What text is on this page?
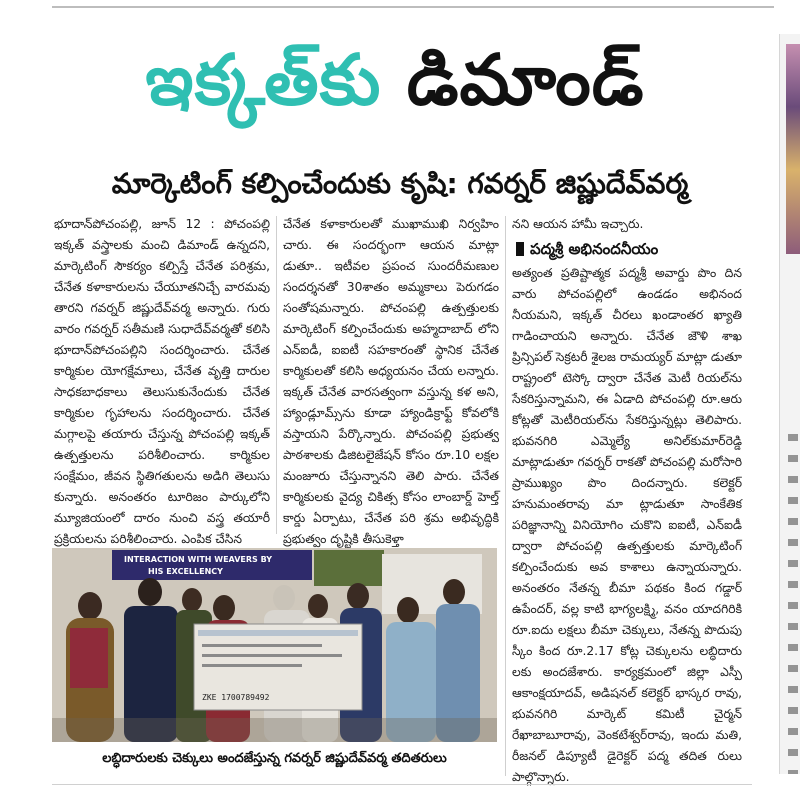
ఇక్కత్‌కు డిమాండ్
మార్కెటింగ్ కల్పించేందుకు కృషి: గవర్నర్ జిష్ణుదేవ్‌వర్మ

భూదాన్‌పోచంపల్లి, జూన్ 12 : పోచంపల్లి ఇక్కత్ వస్త్రాలకు మంచి డిమాండ్ ఉన్నదని, మార్కెటింగ్ సౌకర్యం కల్పిస్తే చేనేత పరిశ్రమ, చేనేత కళాకారులను చేయూతనిచ్చే వారమవు తారని గవర్నర్ జిష్ణుదేవ్‌వర్మ అన్నారు. గురు వారం గవర్నర్ సతీమణి సుధాదేవ్‌వర్మతో కలిసి భూదాన్‌పోచంపల్లిని సందర్శించారు. చేనేత కార్మికుల యోగక్షేమాలు, చేనేత వృత్తి దారుల సాధకబాధకాలు తెలుసుకునేందుకు చేనేత కార్మికుల గృహాలను సందర్శించారు. చేనేత మగ్గాలపై తయారు చేస్తున్న పోచంపల్లి ఇక్కత్ ఉత్పత్తులను పరిశీలించారు. కార్మికుల సంక్షేమం, జీవన స్థితిగతులను అడిగి తెలుసు కున్నారు. అనంతరం టూరిజం పార్కులోని మ్యూజియంలో దారం నుంచి వస్త్ర తయారీ ప్రక్రియలను పరిశీలించారు. ఎంపిక చేసిన

చేనేత కళాకారులతో ముఖాముఖి నిర్వహిం చారు. ఈ సందర్భంగా ఆయన మాట్లా డుతూ.. ఇటీవల ప్రపంచ సుందరీమణుల సందర్శనతో 30శాతం అమ్మకాలు పెరుగడం సంతోషమన్నారు. పోచంపల్లి ఉత్పత్తులకు మార్కెటింగ్ కల్పించేందుకు అహ్మదాబాద్ లోని ఎన్‌ఐడీ, ఐఐటీ సహకారంతో స్థానిక చేనేత కార్మికులతో కలిసి అధ్యయనం చేయ లన్నారు. ఇక్కత్ చేనేత వారసత్వంగా వస్తున్న కళ అని, హ్యాండ్లూమ్స్‌ను కూడా హ్యాండిక్రాఫ్ట్ కోవలోకి వస్తాయని పేర్కొన్నారు. పోచంపల్లి ప్రభుత్వ పాఠశాలకు డిజిటలైజేషన్ కోసం రూ.10 లక్షల మంజూరు చేస్తున్నానని తెలి పారు. చేనేత కార్మికులకు వైద్య చికిత్స కోసం లాంబార్డ్ హెల్త్ కార్డు ఏర్పాటు, చేనేత పరి శ్రమ అభివృద్ధికి ప్రభుత్వం దృష్టికి తీసుకెళ్తా

నని ఆయన హామీ ఇచ్చారు.

పద్మశ్రీ అభినందనీయం

అత్యంత ప్రతిష్టాత్మక పద్మశ్రీ అవార్డు పొం దిన వారు పోచంపల్లిలో ఉండడం అభినంద నీయమని, ఇక్కత్ చీరలు ఖండాంతర ఖ్యాతి గాడించాయని అన్నారు. చేనేత జౌళి శాఖ ప్రిన్సిపల్ సెక్రటరీ శైలజ రామయ్యర్ మాట్లా డుతూ రాష్ట్రంలో టెస్కో ద్వారా చేనేత మెటీ రియల్‌ను సేకరిస్తున్నామని, ఈ ఏడాది పోచంపల్లి రూ.ఆరు కోట్లతో మెటీరియల్‌ను సేకరిస్తున్నట్లు తెలిపారు. భువనగిరి ఎమ్మెల్యే అనిల్‌కుమార్‌రెడ్డి మాట్లాడుతూ గవర్నర్ రాకతో పోచంపల్లి మరోసారి ప్రాముఖ్యం పొం దిందన్నారు. కలెక్టర్ హనుమంతరావు మా ట్లాడుతూ సాంకేతిక పరిజ్ఞానాన్ని వినియోగిం చుకొని ఐఐటీ, ఎన్‌ఐడీ ద్వారా పోచంపల్లి ఉత్పత్తులకు మార్కెటింగ్ కల్పించేందుకు అవ కాశాలు ఉన్నాయన్నారు. అనంతరం నేతన్న బీమా పథకం కింద గడ్డార్ ఉపేందర్, వల్ల కాటి భాగ్యలక్ష్మి, వనం యాదగిరికి రూ.ఐదు లక్షలు బీమా చెక్కులు, నేతన్న పొదుపు స్కీం కింద రూ.2.17 కోట్ల చెక్కులను లబ్ధిదారు లకు అందజేశారు. కార్యక్రమంలో జిల్లా ఎస్పీ ఆకాంక్షయాదవ్, అడిషనల్ కలెక్టర్ భాస్కర రావు, భువనగిరి మార్కెట్ కమిటీ చైర్మన్ రేఖాబాబూరావు, వెంకటేశ్వర్‌రావు, ఇందు మతి, రీజనల్ డిప్యూటీ డైరెక్టర్ పద్మ తదిత రులు పాల్గొన్నారు.

INTERACTION WITH WEAVERS BY
HIS EXCELLENCY
ZKE 1700789492
లబ్ధిదారులకు చెక్కులు అందజేస్తున్న గవర్నర్ జిష్ణుదేవ్‌వర్మ తదితరులు
